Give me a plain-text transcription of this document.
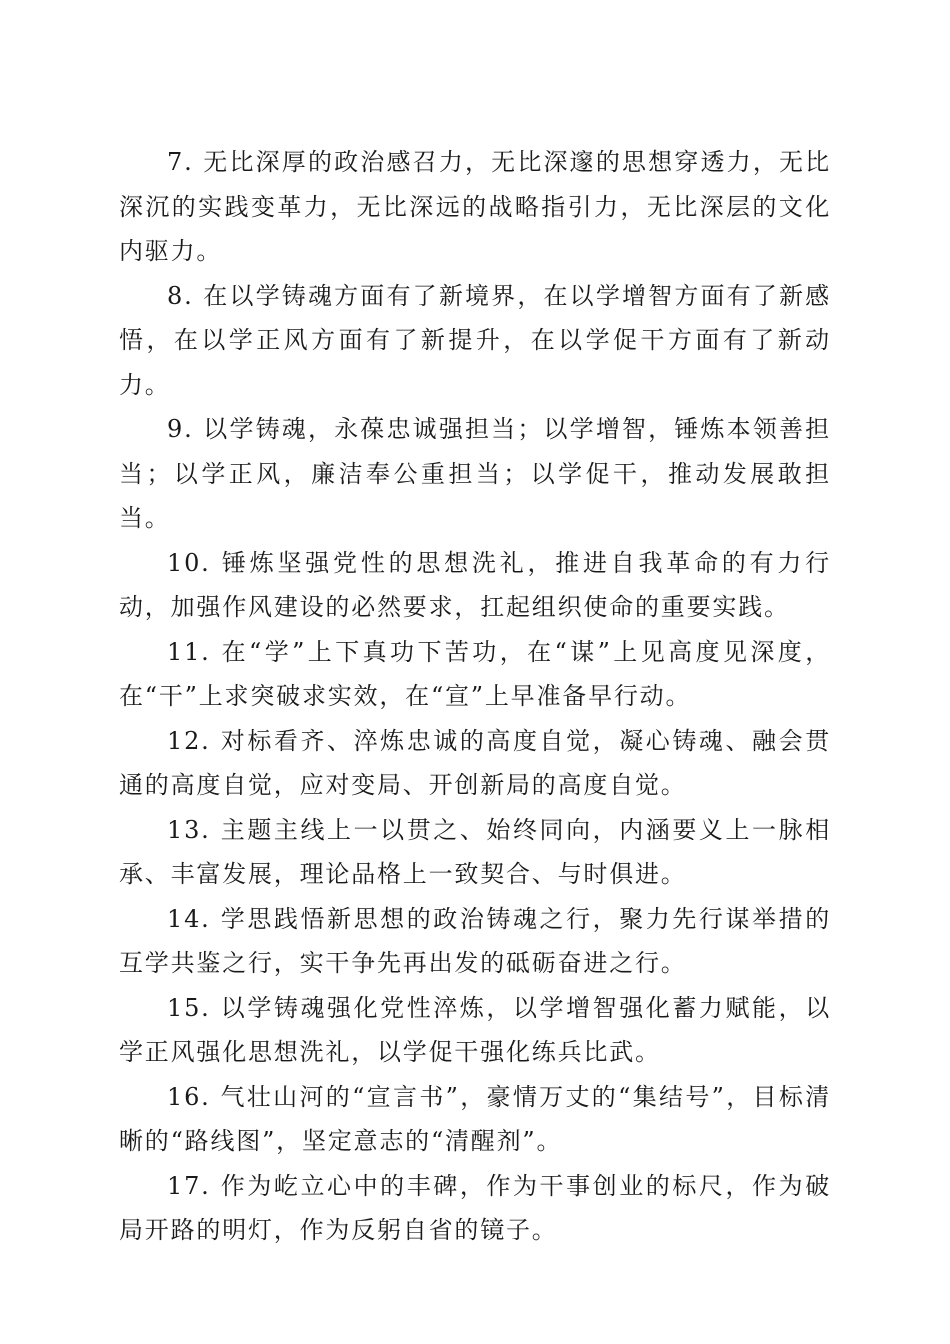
7. 无比深厚的政治感召力，无比深邃的思想穿透力，无比深沉的实践变革力，无比深远的战略指引力，无比深层的文化内驱力。

8. 在以学铸魂方面有了新境界，在以学增智方面有了新感悟，在以学正风方面有了新提升，在以学促干方面有了新动力。

9. 以学铸魂，永葆忠诚强担当；以学增智，锤炼本领善担当；以学正风，廉洁奉公重担当；以学促干，推动发展敢担当。

10. 锤炼坚强党性的思想洗礼，推进自我革命的有力行动，加强作风建设的必然要求，扛起组织使命的重要实践。

11. 在“学”上下真功下苦功，在“谋”上见高度见深度，在“干”上求突破求实效，在“宣”上早准备早行动。

12. 对标看齐、淬炼忠诚的高度自觉，凝心铸魂、融会贯通的高度自觉，应对变局、开创新局的高度自觉。

13. 主题主线上一以贯之、始终同向，内涵要义上一脉相承、丰富发展，理论品格上一致契合、与时俱进。

14. 学思践悟新思想的政治铸魂之行，聚力先行谋举措的互学共鉴之行，实干争先再出发的砥砺奋进之行。

15. 以学铸魂强化党性淬炼，以学增智强化蓄力赋能，以学正风强化思想洗礼，以学促干强化练兵比武。

16. 气壮山河的“宣言书”，豪情万丈的“集结号”，目标清晰的“路线图”，坚定意志的“清醒剂”。

17. 作为屹立心中的丰碑，作为干事创业的标尺，作为破局开路的明灯，作为反躬自省的镜子。
